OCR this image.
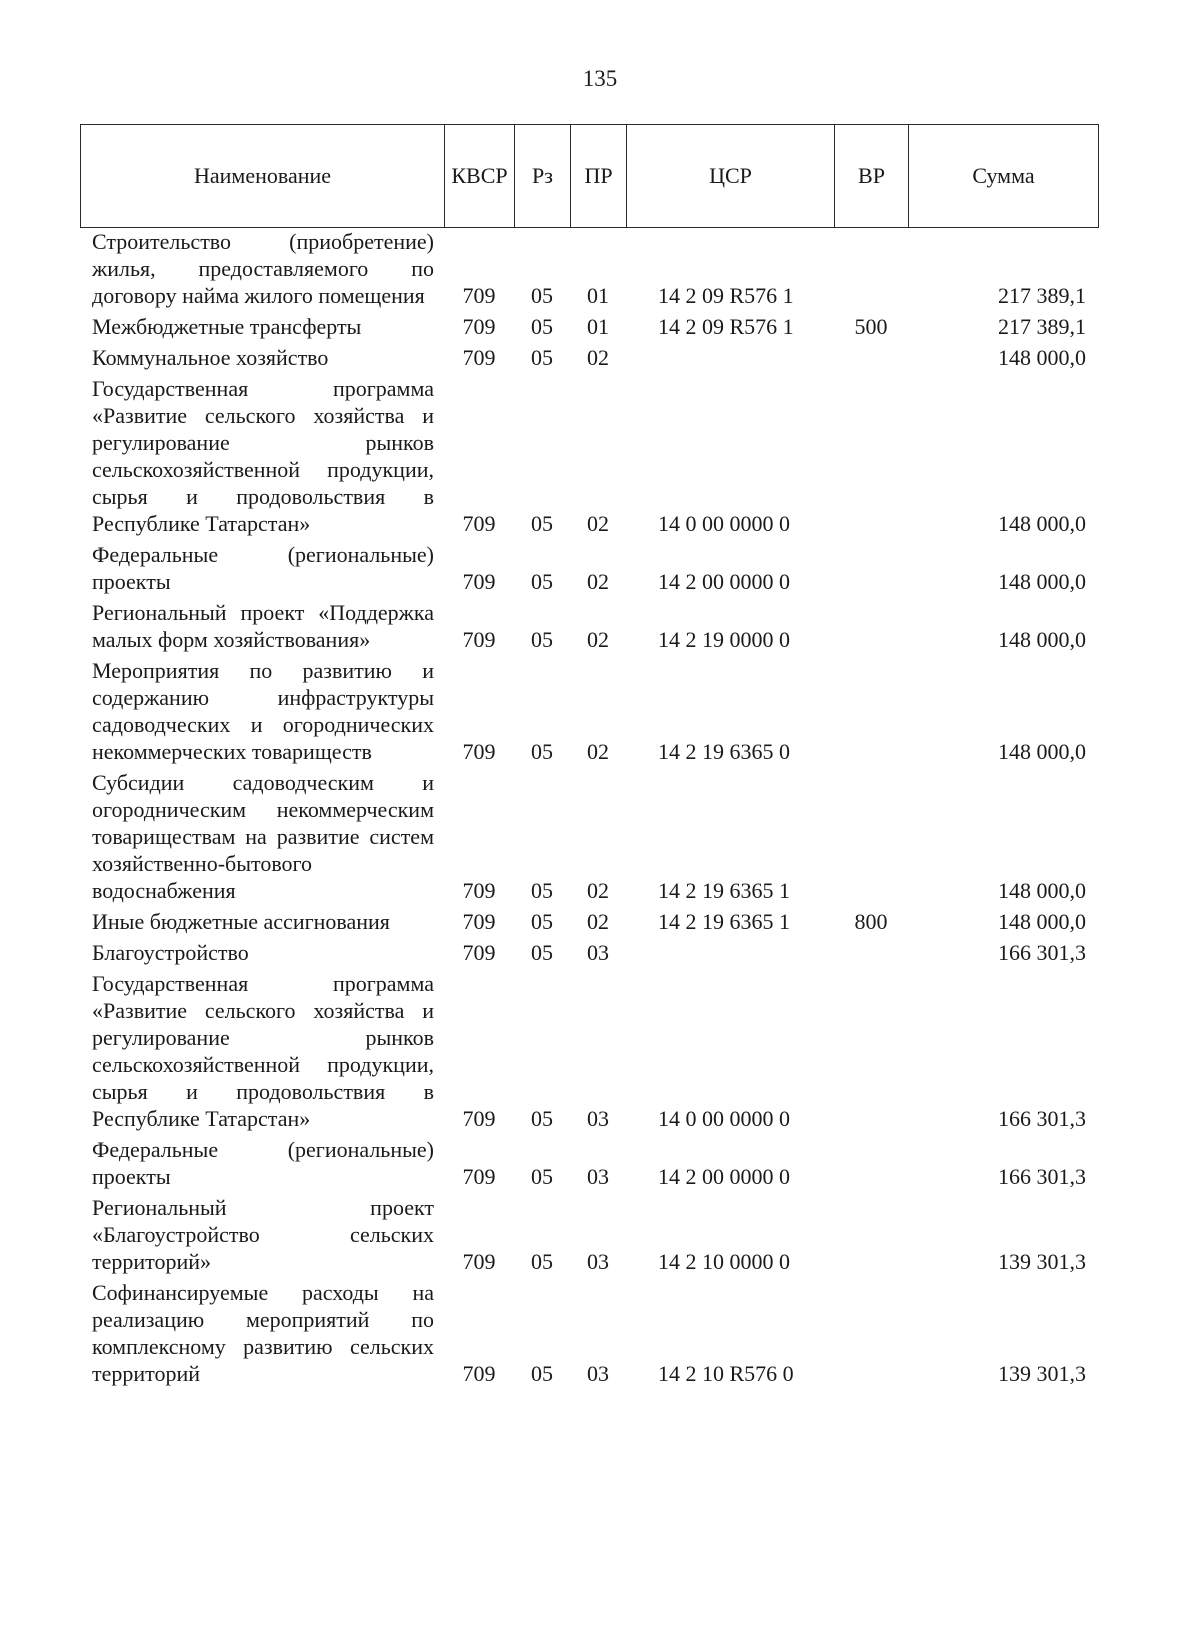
135
Наименование	КВСР	Рз	ПР	ЦСР	ВР	Сумма
Строительство (приобретение) жилья, предоставляемого по договору найма жилого помещения	709	05	01	14 2 09 R576 1		217 389,1
Межбюджетные трансферты	709	05	01	14 2 09 R576 1	500	217 389,1
Коммунальное хозяйство	709	05	02			148 000,0
Государственная программа «Развитие сельского хозяйства и регулирование рынков сельскохозяйственной продукции, сырья и продовольствия в Республике Татарстан»	709	05	02	14 0 00 0000 0		148 000,0
Федеральные (региональные) проекты	709	05	02	14 2 00 0000 0		148 000,0
Региональный проект «Поддержка малых форм хозяйствования»	709	05	02	14 2 19 0000 0		148 000,0
Мероприятия по развитию и содержанию инфраструктуры садоводческих и огороднических некоммерческих товариществ	709	05	02	14 2 19 6365 0		148 000,0
Субсидии садоводческим и огородническим некоммерческим товариществам на развитие систем хозяйственно-бытового водоснабжения	709	05	02	14 2 19 6365 1		148 000,0
Иные бюджетные ассигнования	709	05	02	14 2 19 6365 1	800	148 000,0
Благоустройство	709	05	03			166 301,3
Государственная программа «Развитие сельского хозяйства и регулирование рынков сельскохозяйственной продукции, сырья и продовольствия в Республике Татарстан»	709	05	03	14 0 00 0000 0		166 301,3
Федеральные (региональные) проекты	709	05	03	14 2 00 0000 0		166 301,3
Региональный проект «Благоустройство сельских территорий»	709	05	03	14 2 10 0000 0		139 301,3
Софинансируемые расходы на реализацию мероприятий по комплексному развитию сельских территорий	709	05	03	14 2 10 R576 0		139 301,3
